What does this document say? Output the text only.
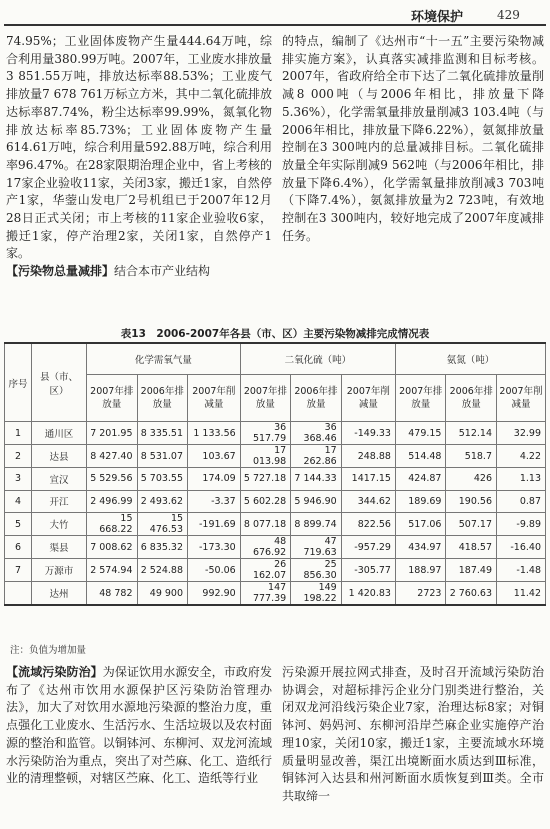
环境保护	429

74.95%；工业固体废物产生量444.64万吨，综合利用量380.99万吨。2007年，工业废水排放量3 851.55万吨，排放达标率88.53%；工业废气排放量7 678 761万标立方米，其中二氧化硫排放达标率87.74%，粉尘达标率99.99%，氮氧化物排放达标率85.73%；工业固体废物产生量614.61万吨，综合利用量592.88万吨，综合利用率96.47%。在28家限期治理企业中，省上考核的17家企业验收11家，关闭3家，搬迁1家，自然停产1家，华蓥山发电厂2号机组已于2007年12月28日正式关闭；市上考核的11家企业验收6家，搬迁1家，停产治理2家，关闭1家，自然停产1家。

【污染物总量减排】结合本市产业结构

的特点，编制了《达州市“十一五”主要污染物减排实施方案》，认真落实减排监测和目标考核。2007年，省政府给全市下达了二氧化硫排放量削减8 000吨（与2006年相比，排放量下降5.36%），化学需氧量排放量削减3 103.4吨（与2006年相比，排放量下降6.22%），氨氮排放量控制在3 300吨内的总量减排目标。二氧化硫排放量全年实际削减9 562吨（与2006年相比，排放量下降6.4%），化学需氧量排放削减3 703吨（下降7.4%），氨氮排放量为2 723吨，有效地控制在3 300吨内，较好地完成了2007年度减排任务。

表13　2006-2007年各县（市、区）主要污染物减排完成情况表
序号	县（市、区）	化学需氧气量			二氧化硫（吨）			氨氮（吨）		
		2007年排放量	2006年排放量	2007年削减量	2007年排放量	2006年排放量	2007年削减量	2007年排放量	2006年排放量	2007年削减量
1	通川区	7 201.95	8 335.51	1 133.56	36 517.79	36 368.46	-149.33	479.15	512.14	32.99
2	达县	8 427.40	8 531.07	103.67	17 013.98	17 262.86	248.88	514.48	518.7	4.22
3	宣汉	5 529.56	5 703.55	174.09	5 727.18	7 144.33	1417.15	424.87	426	1.13
4	开江	2 496.99	2 493.62	-3.37	5 602.28	5 946.90	344.62	189.69	190.56	0.87
5	大竹	15 668.22	15 476.53	-191.69	8 077.18	8 899.74	822.56	517.06	507.17	-9.89
6	渠县	7 008.62	6 835.32	-173.30	48 676.92	47 719.63	-957.29	434.97	418.57	-16.40
7	万源市	2 574.94	2 524.88	-50.06	26 162.07	25 856.30	-305.77	188.97	187.49	-1.48
	达州	48 782	49 900	992.90	147 777.39	149 198.22	1 420.83	2723	2 760.63	11.42
注：负值为增加量

【流域污染防治】为保证饮用水源安全，市政府发布了《达州市饮用水源保护区污染防治管理办法》，加大了对饮用水源地污染源的整治力度，重点强化工业废水、生活污水、生活垃圾以及农村面源的整治和监管。以铜钵河、东柳河、双龙河流域水污染防治为重点，突出了对苎麻、化工、造纸行业的清理整顿，对辖区苎麻、化工、造纸等行业

污染源开展拉网式排查，及时召开流域污染防治协调会，对超标排污企业分门别类进行整治，关闭双龙河沿线污染企业7家，治理达标8家；对铜钵河、妈妈河、东柳河沿岸苎麻企业实施停产治理10家，关闭10家，搬迁1家，主要流域水环境质量明显改善，渠江出境断面水质达到Ⅲ标准，铜钵河入达县和州河断面水质恢复到Ⅲ类。全市共取缔一
